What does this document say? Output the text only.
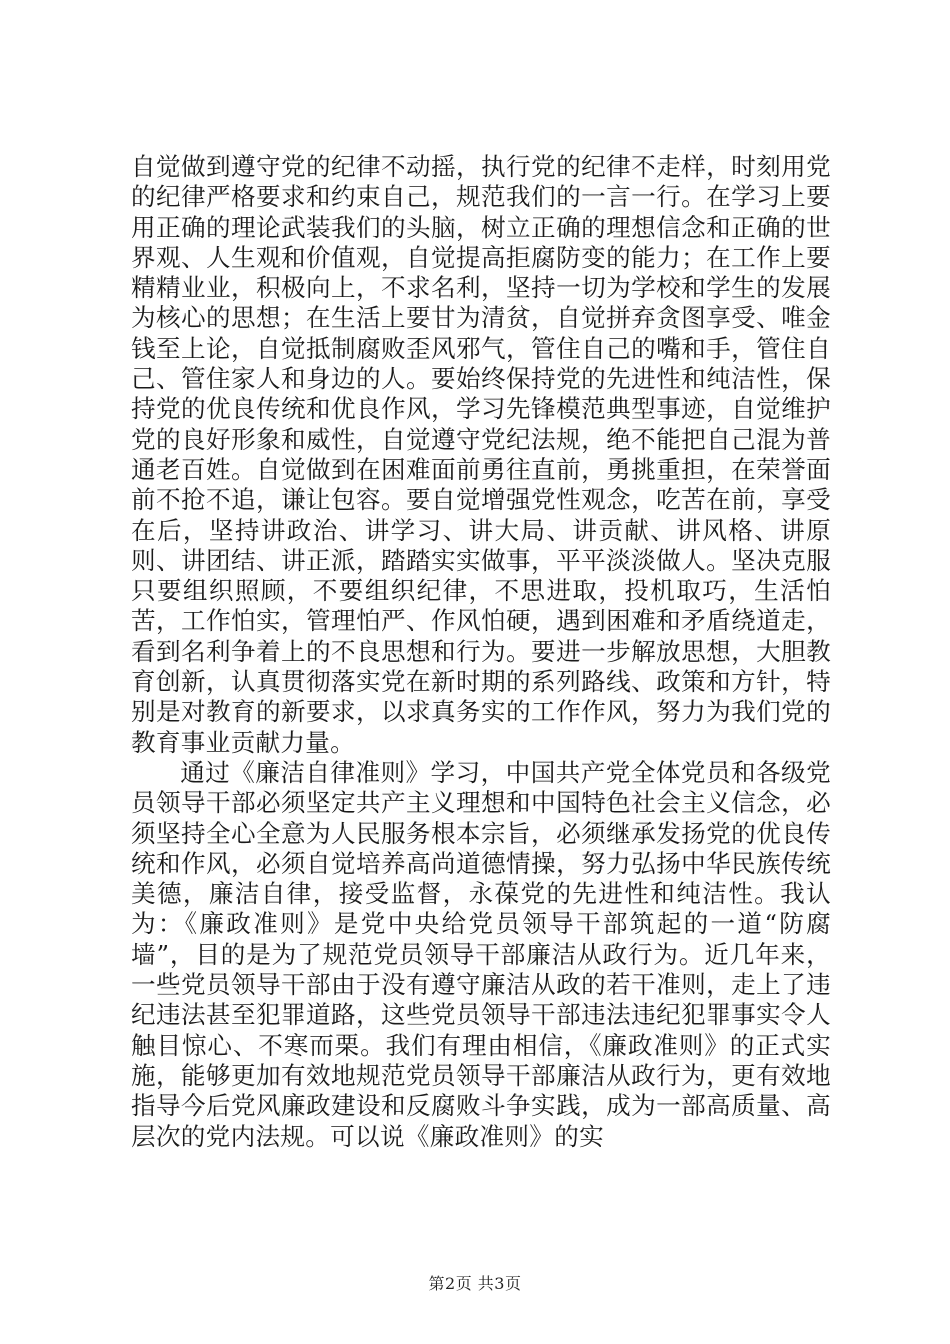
自觉做到遵守党的纪律不动摇，执行党的纪律不走样，时刻用党的纪律严格要求和约束自己，规范我们的一言一行。在学习上要用正确的理论武装我们的头脑，树立正确的理想信念和正确的世界观、人生观和价值观，自觉提高拒腐防变的能力；在工作上要精精业业，积极向上，不求名利，坚持一切为学校和学生的发展为核心的思想；在生活上要甘为清贫，自觉拼弃贪图享受、唯金钱至上论，自觉抵制腐败歪风邪气，管住自己的嘴和手，管住自己、管住家人和身边的人。要始终保持党的先进性和纯洁性，保持党的优良传统和优良作风，学习先锋模范典型事迹，自觉维护党的良好形象和威性，自觉遵守党纪法规，绝不能把自己混为普通老百姓。自觉做到在困难面前勇往直前，勇挑重担，在荣誉面前不抢不追，谦让包容。要自觉增强党性观念，吃苦在前，享受在后，坚持讲政治、讲学习、讲大局、讲贡献、讲风格、讲原则、讲团结、讲正派，踏踏实实做事，平平淡淡做人。坚决克服只要组织照顾，不要组织纪律，不思进取，投机取巧，生活怕苦，工作怕实，管理怕严、作风怕硬，遇到困难和矛盾绕道走，看到名利争着上的不良思想和行为。要进一步解放思想，大胆教育创新，认真贯彻落实党在新时期的系列路线、政策和方针，特别是对教育的新要求，以求真务实的工作作风，努力为我们党的教育事业贡献力量。

通过《廉洁自律准则》学习，中国共产党全体党员和各级党员领导干部必须坚定共产主义理想和中国特色社会主义信念，必须坚持全心全意为人民服务根本宗旨，必须继承发扬党的优良传统和作风，必须自觉培养高尚道德情操，努力弘扬中华民族传统美德，廉洁自律，接受监督，永葆党的先进性和纯洁性。我认为：《廉政准则》是党中央给党员领导干部筑起的一道“防腐墙”，目的是为了规范党员领导干部廉洁从政行为。近几年来，一些党员领导干部由于没有遵守廉洁从政的若干准则，走上了违纪违法甚至犯罪道路，这些党员领导干部违法违纪犯罪事实令人触目惊心、不寒而栗。我们有理由相信，《廉政准则》的正式实施，能够更加有效地规范党员领导干部廉洁从政行为，更有效地指导今后党风廉政建设和反腐败斗争实践，成为一部高质量、高层次的党内法规。可以说《廉政准则》的实

第2页 共3页
